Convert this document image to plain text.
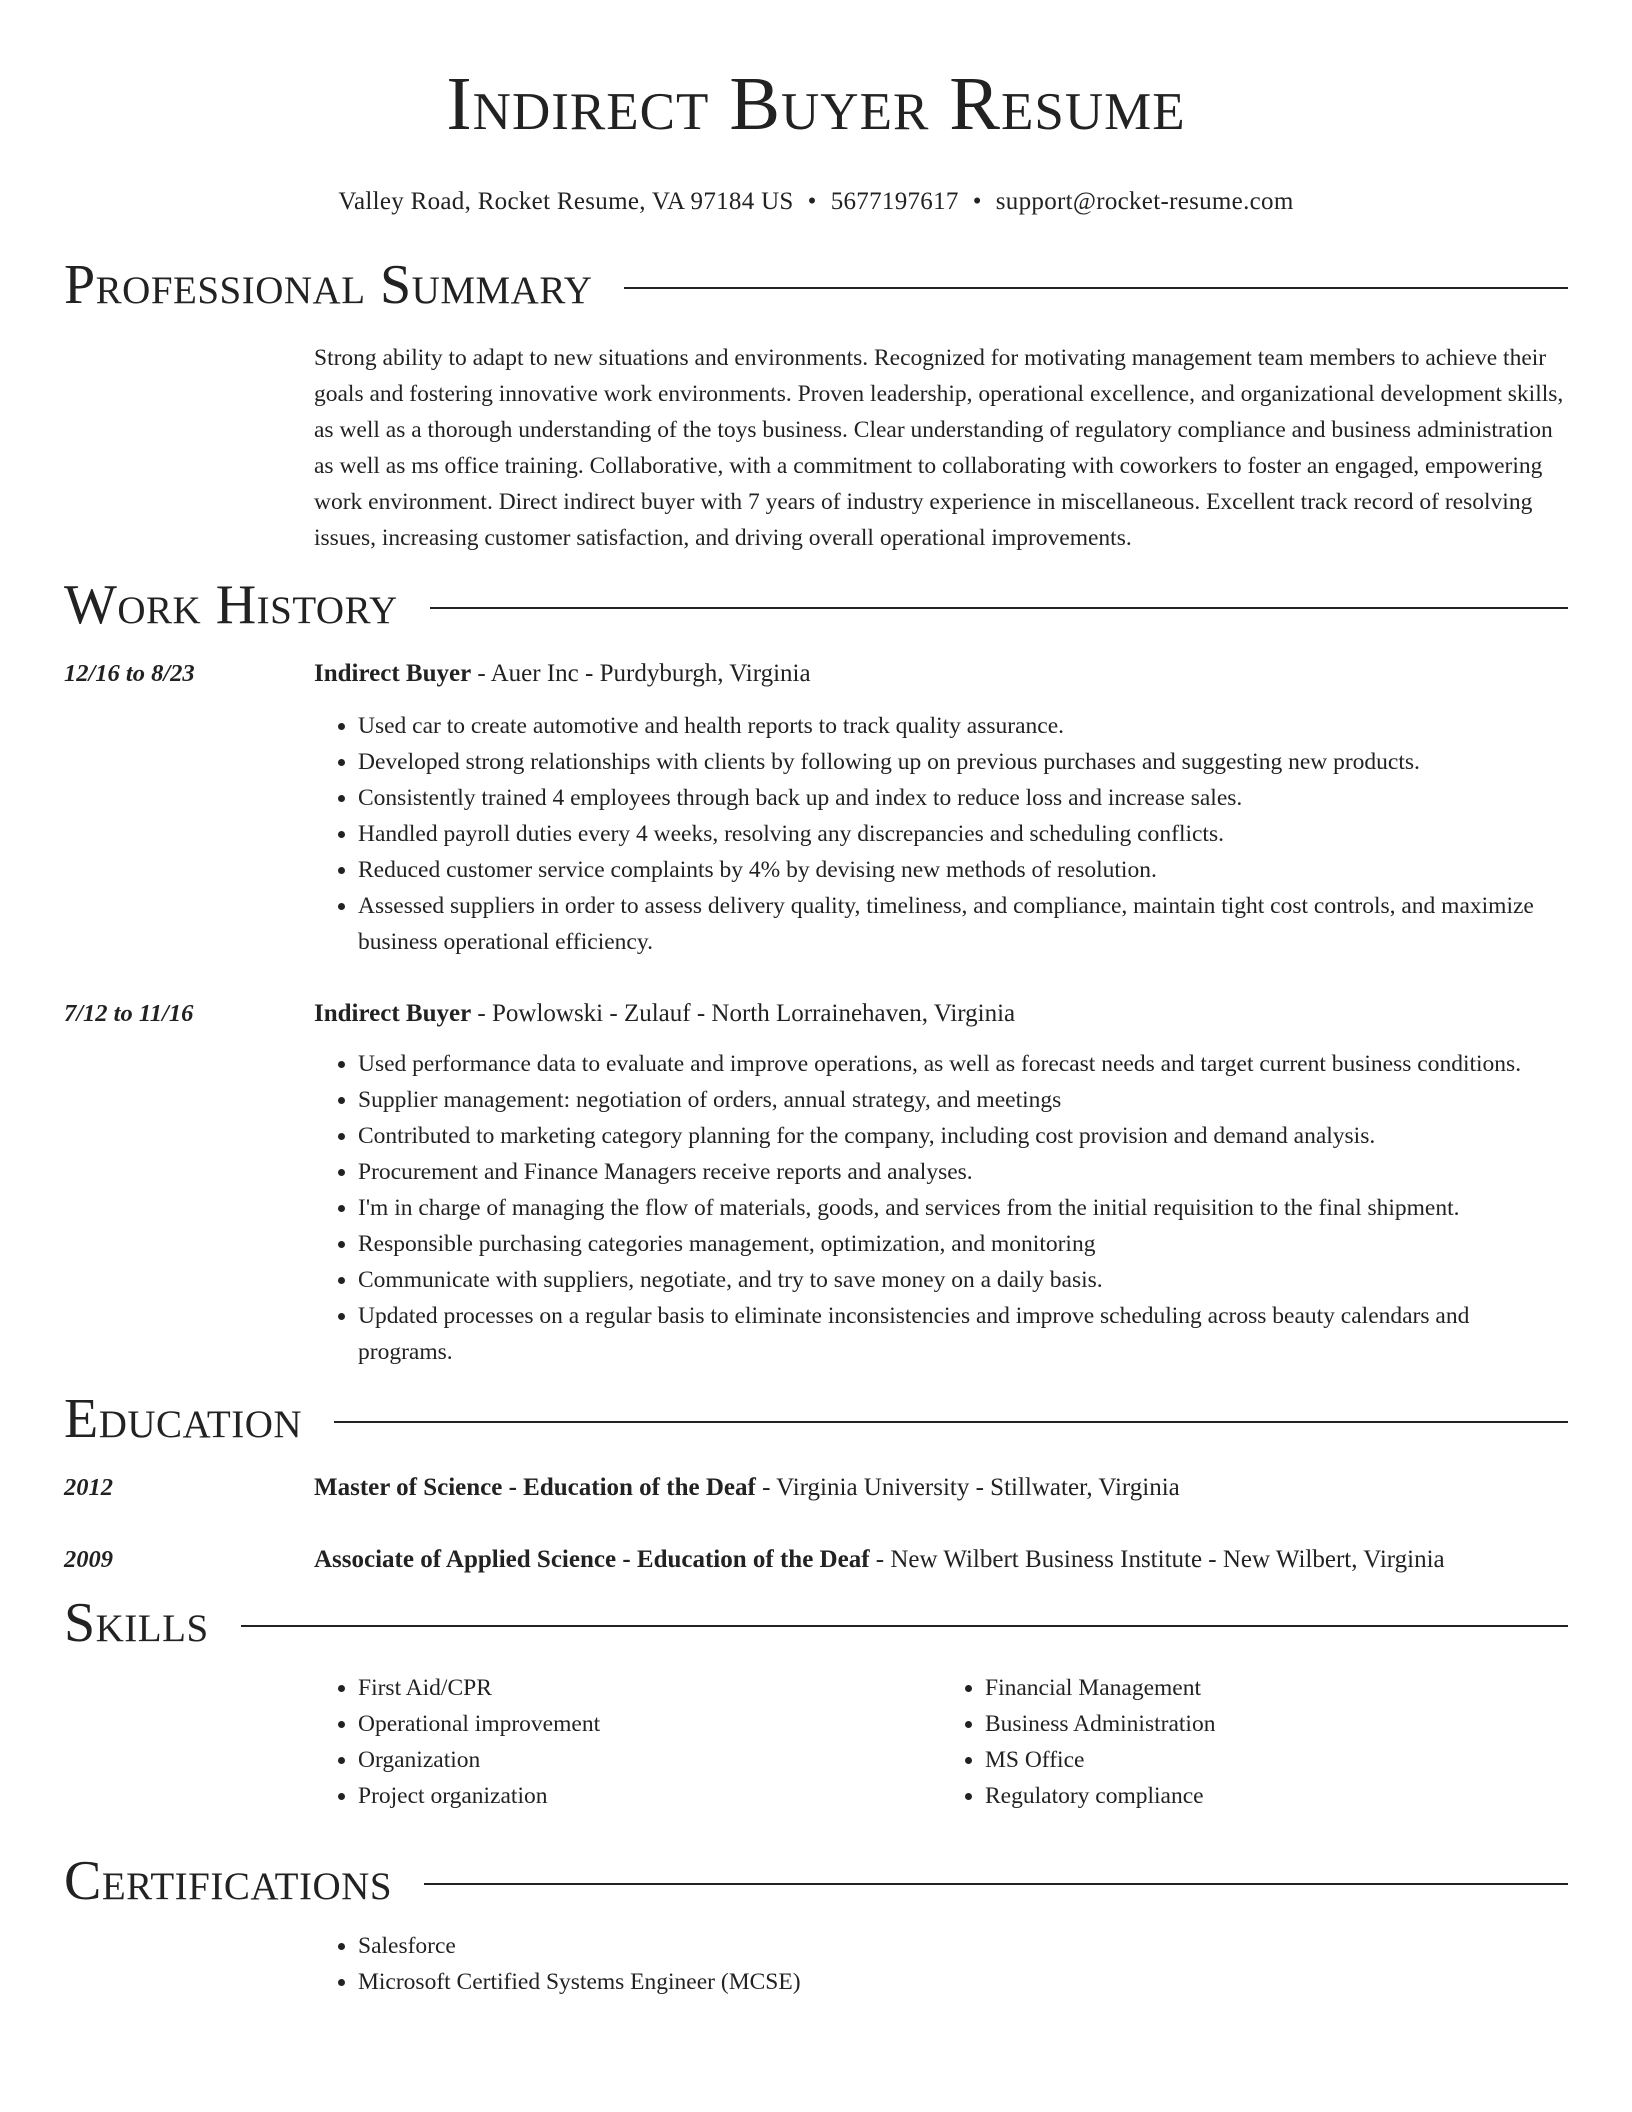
Indirect Buyer Resume
Valley Road, Rocket Resume, VA 97184 US • 5677197617 • support@rocket-resume.com
Professional Summary
Strong ability to adapt to new situations and environments. Recognized for motivating management team members to achieve their goals and fostering innovative work environments. Proven leadership, operational excellence, and organizational development skills, as well as a thorough understanding of the toys business. Clear understanding of regulatory compliance and business administration as well as ms office training. Collaborative, with a commitment to collaborating with coworkers to foster an engaged, empowering work environment. Direct indirect buyer with 7 years of industry experience in miscellaneous. Excellent track record of resolving issues, increasing customer satisfaction, and driving overall operational improvements.
Work History
12/16 to 8/23	Indirect Buyer - Auer Inc - Purdyburgh, Virginia
• Used car to create automotive and health reports to track quality assurance.
• Developed strong relationships with clients by following up on previous purchases and suggesting new products.
• Consistently trained 4 employees through back up and index to reduce loss and increase sales.
• Handled payroll duties every 4 weeks, resolving any discrepancies and scheduling conflicts.
• Reduced customer service complaints by 4% by devising new methods of resolution.
• Assessed suppliers in order to assess delivery quality, timeliness, and compliance, maintain tight cost controls, and maximize business operational efficiency.
7/12 to 11/16	Indirect Buyer - Powlowski - Zulauf - North Lorrainehaven, Virginia
• Used performance data to evaluate and improve operations, as well as forecast needs and target current business conditions.
• Supplier management: negotiation of orders, annual strategy, and meetings
• Contributed to marketing category planning for the company, including cost provision and demand analysis.
• Procurement and Finance Managers receive reports and analyses.
• I'm in charge of managing the flow of materials, goods, and services from the initial requisition to the final shipment.
• Responsible purchasing categories management, optimization, and monitoring
• Communicate with suppliers, negotiate, and try to save money on a daily basis.
• Updated processes on a regular basis to eliminate inconsistencies and improve scheduling across beauty calendars and programs.
Education
2012	Master of Science - Education of the Deaf - Virginia University - Stillwater, Virginia
2009	Associate of Applied Science - Education of the Deaf - New Wilbert Business Institute - New Wilbert, Virginia
Skills
• First Aid/CPR
• Operational improvement
• Organization
• Project organization
• Financial Management
• Business Administration
• MS Office
• Regulatory compliance
Certifications
• Salesforce
• Microsoft Certified Systems Engineer (MCSE)
